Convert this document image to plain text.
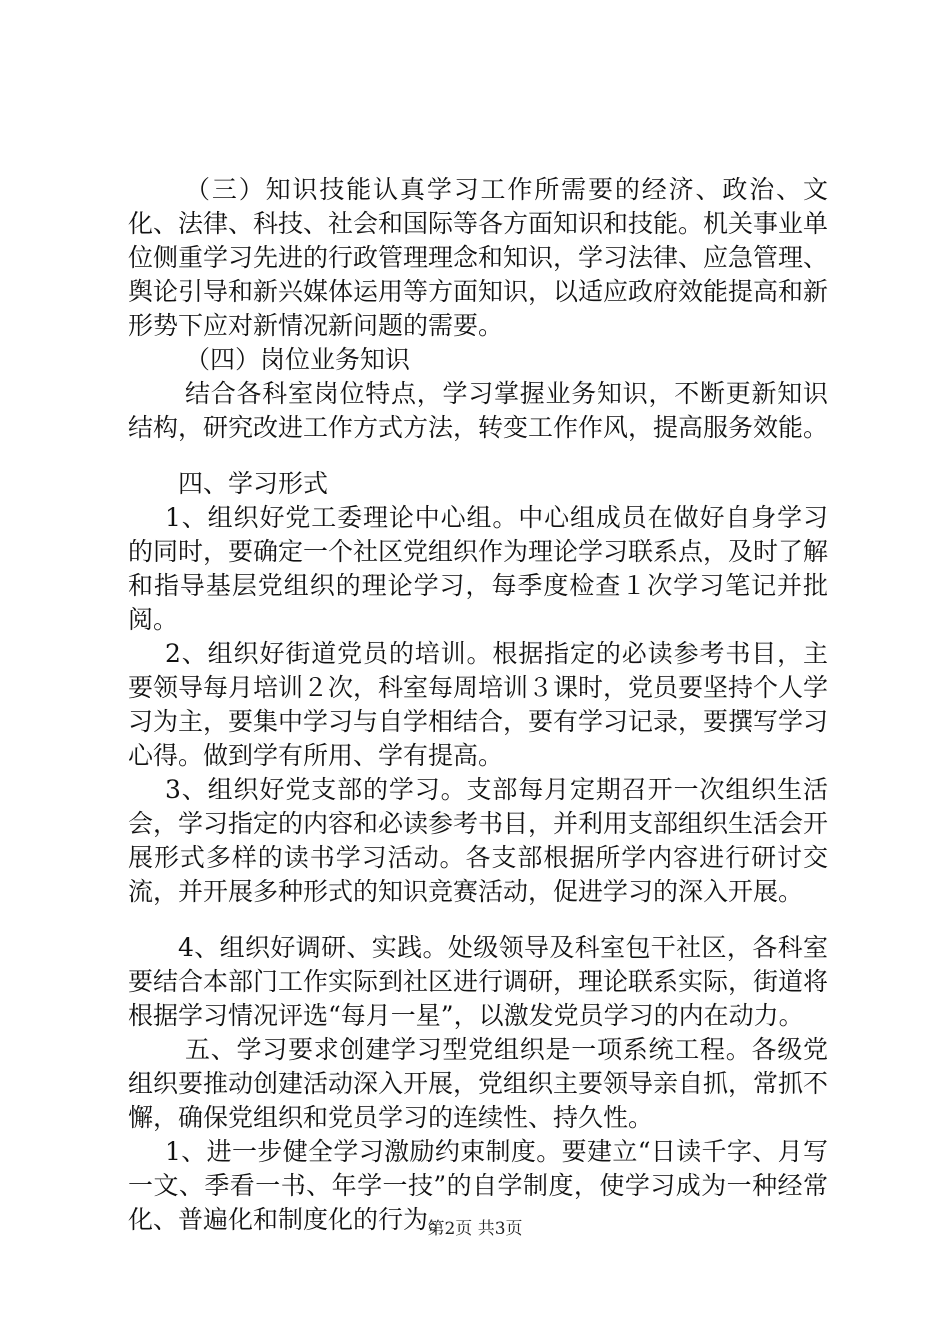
（三）知识技能认真学习工作所需要的经济、政治、文化、法律、科技、社会和国际等各方面知识和技能。机关事业单位侧重学习先进的行政管理理念和知识，学习法律、应急管理、舆论引导和新兴媒体运用等方面知识，以适应政府效能提高和新形势下应对新情况新问题的需要。

（四）岗位业务知识

结合各科室岗位特点，学习掌握业务知识，不断更新知识结构，研究改进工作方式方法，转变工作作风，提高服务效能。

四、学习形式

1、组织好党工委理论中心组。中心组成员在做好自身学习的同时，要确定一个社区党组织作为理论学习联系点，及时了解和指导基层党组织的理论学习，每季度检查１次学习笔记并批阅。

2、组织好街道党员的培训。根据指定的必读参考书目，主要领导每月培训２次，科室每周培训３课时，党员要坚持个人学习为主，要集中学习与自学相结合，要有学习记录，要撰写学习心得。做到学有所用、学有提高。

3、组织好党支部的学习。支部每月定期召开一次组织生活会，学习指定的内容和必读参考书目，并利用支部组织生活会开展形式多样的读书学习活动。各支部根据所学内容进行研讨交流，并开展多种形式的知识竞赛活动，促进学习的深入开展。

4、组织好调研、实践。处级领导及科室包干社区，各科室要结合本部门工作实际到社区进行调研，理论联系实际，街道将根据学习情况评选“每月一星”，以激发党员学习的内在动力。

五、学习要求创建学习型党组织是一项系统工程。各级党组织要推动创建活动深入开展，党组织主要领导亲自抓，常抓不懈，确保党组织和党员学习的连续性、持久性。

1、进一步健全学习激励约束制度。要建立“日读千字、月写一文、季看一书、年学一技”的自学制度，使学习成为一种经常化、普遍化和制度化的行为。

第2页 共3页
